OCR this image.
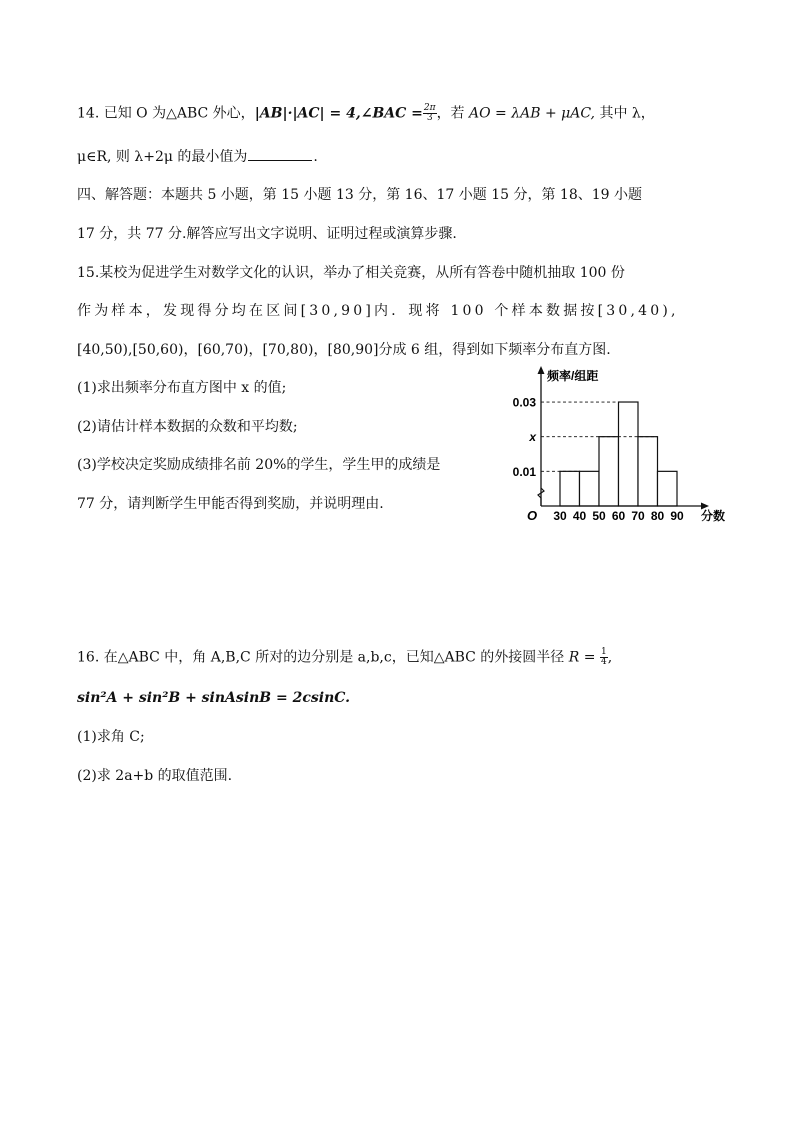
14. 已知 O 为△ABC 外心，|AB|·|AC| = 4,∠BAC = $\frac{2\pi}{3}$ ，若 AO = λAB + μAC, 其中 λ，
μ∈R, 则 λ+2μ 的最小值为	.
四、解答题：本题共 5 小题，第 15 小题 13 分，第 16、17 小题 15 分，第 18、19 小题
17 分，共 77 分.解答应写出文字说明、证明过程或演算步骤.
15.某校为促进学生对数学文化的认识，举办了相关竞赛，从所有答卷中随机抽取 100 份
作为样本，发现得分均在区间[30,90]内．现将 100 个样本数据按[30,40),
[40,50),[50,60)，[60,70)，[70,80)，[80,90]分成 6 组，得到如下频率分布直方图.
(1)求出频率分布直方图中 x 的值;
(2)请估计样本数据的众数和平均数;
(3)学校决定奖励成绩排名前 20%的学生，学生甲的成绩是
77 分，请判断学生甲能否得到奖励，并说明理由.
0.03
x
0.01
30 40 50 60 70 80 90
频率/组距
分数
O
16. 在△ABC 中，角 A,B,C 所对的边分别是 a,b,c，已知△ABC 的外接圆半径 $R = \frac{1}{4}$ ,
sin²A + sin²B + sinAsinB = 2csinC.
(1)求角 C;
(2)求 2a+b 的取值范围.
